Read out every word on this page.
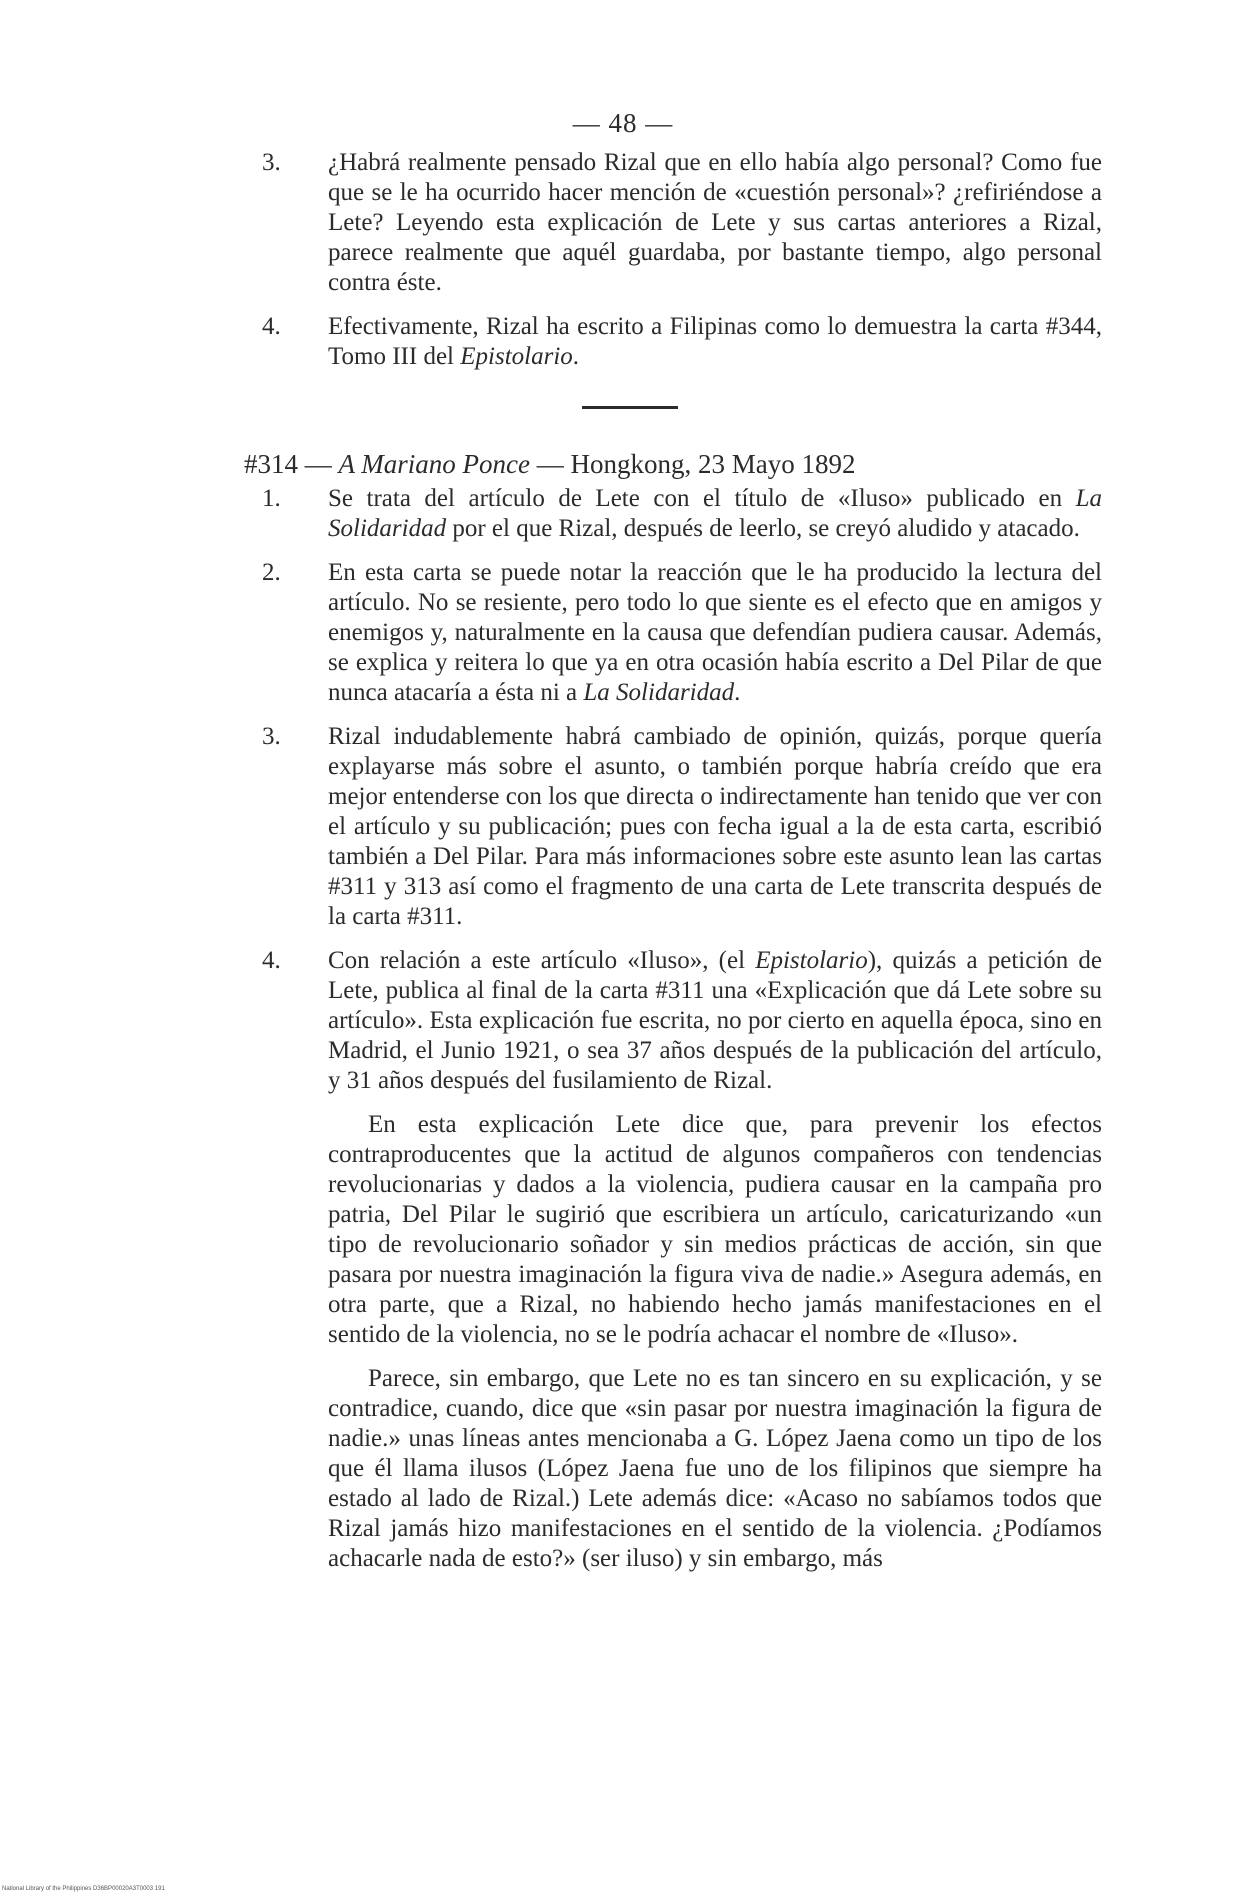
— 48 —
3. ¿Habrá realmente pensado Rizal que en ello había algo personal? Como fue que se le ha ocurrido hacer mención de «cuestión personal»? ¿refiriéndose a Lete? Leyendo esta explicación de Lete y sus cartas anteriores a Rizal, parece realmente que aquél guardaba, por bastante tiempo, algo personal contra éste.
4. Efectivamente, Rizal ha escrito a Filipinas como lo demuestra la carta #344, Tomo III del Epistolario.
#314 — A Mariano Ponce — Hongkong, 23 Mayo 1892
1. Se trata del artículo de Lete con el título de «Iluso» publicado en La Solidaridad por el que Rizal, después de leerlo, se creyó aludido y atacado.
2. En esta carta se puede notar la reacción que le ha producido la lectura del artículo. No se resiente, pero todo lo que siente es el efecto que en amigos y enemigos y, naturalmente en la causa que defendían pudiera causar. Además, se explica y reitera lo que ya en otra ocasión había escrito a Del Pilar de que nunca atacaría a ésta ni a La Solidaridad.
3. Rizal indudablemente habrá cambiado de opinión, quizás, porque quería explayarse más sobre el asunto, o también porque habría creído que era mejor entenderse con los que directa o indirectamente han tenido que ver con el artículo y su publicación; pues con fecha igual a la de esta carta, escribió también a Del Pilar. Para más informaciones sobre este asunto lean las cartas #311 y 313 así como el fragmento de una carta de Lete transcrita después de la carta #311.
4. Con relación a este artículo «Iluso», (el Epistolario), quizás a petición de Lete, publica al final de la carta #311 una «Explicación que dá Lete sobre su artículo». Esta explicación fue escrita, no por cierto en aquella época, sino en Madrid, el Junio 1921, o sea 37 años después de la publicación del artículo, y 31 años después del fusilamiento de Rizal.

En esta explicación Lete dice que, para prevenir los efectos contraproducentes que la actitud de algunos compañeros con tendencias revolucionarias y dados a la violencia, pudiera causar en la campaña pro patria, Del Pilar le sugirió que escribiera un artículo, caricaturizando «un tipo de revolucionario soñador y sin medios prácticas de acción, sin que pasara por nuestra imaginación la figura viva de nadie.» Asegura además, en otra parte, que a Rizal, no habiendo hecho jamás manifestaciones en el sentido de la violencia, no se le podría achacar el nombre de «Iluso».

Parece, sin embargo, que Lete no es tan sincero en su explicación, y se contradice, cuando, dice que «sin pasar por nuestra imaginación la figura de nadie.» unas líneas antes mencionaba a G. López Jaena como un tipo de los que él llama ilusos (López Jaena fue uno de los filipinos que siempre ha estado al lado de Rizal.) Lete además dice: «Acaso no sabíamos todos que Rizal jamás hizo manifestaciones en el sentido de la violencia. ¿Podíamos achacarle nada de esto?» (ser iluso) y sin embargo, más

National Library of the Philippines D36BP00020A3T0003 191
